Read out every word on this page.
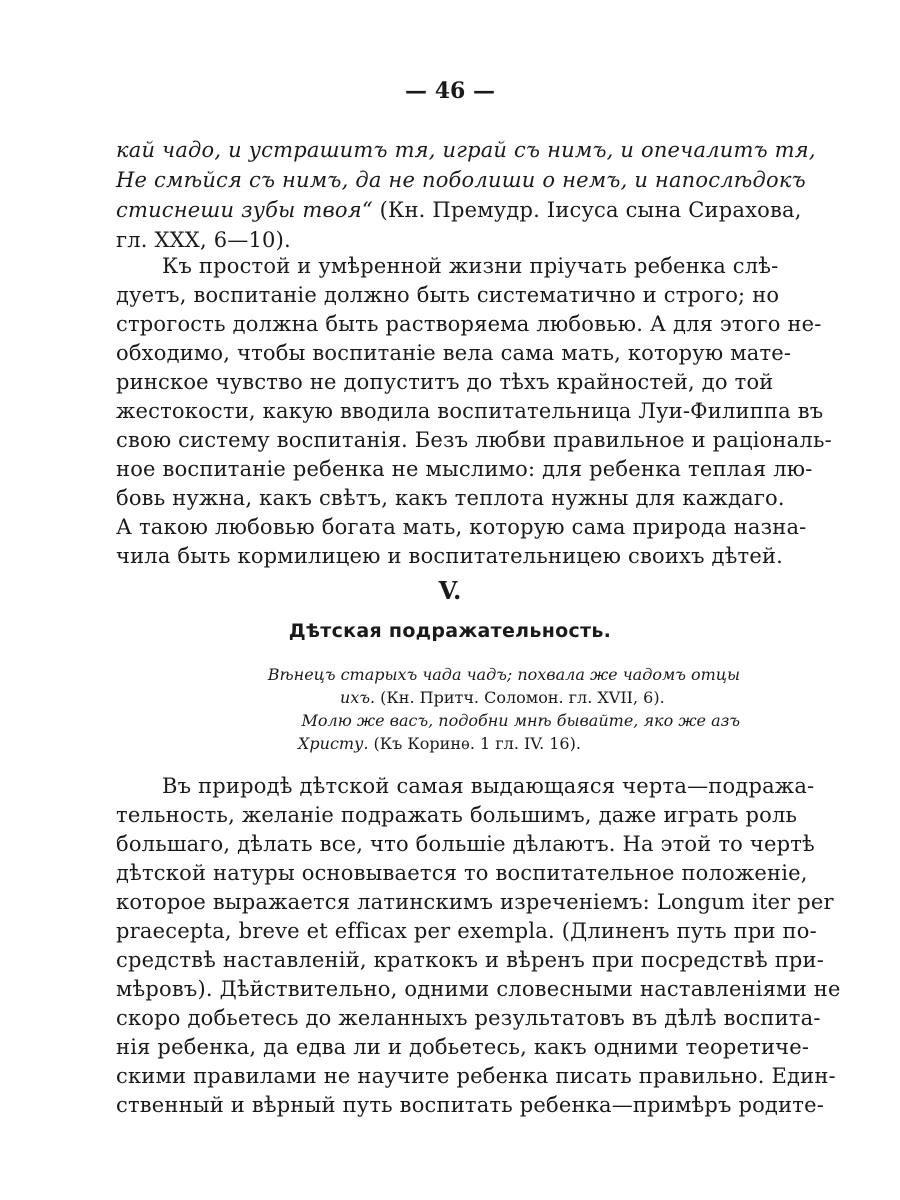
— 46 —
кай чадо, и устрашитъ тя, играй съ нимъ, и опечалитъ тя,
Не смѣйся съ нимъ, да не поболиши о немъ, и напослѣдокъ
стиснеши зубы твоя“ (Кн. Премудр. Іисуса сына Сирахова,
гл. XXX, 6—10).
Къ простой и умѣренной жизни пріучать ребенка слѣ-
дуетъ, воспитаніе должно быть систематично и строго; но
строгость должна быть растворяема любовью. А для этого не-
обходимо, чтобы воспитаніе вела сама мать, которую мате-
ринское чувство не допуститъ до тѣхъ крайностей, до той
жестокости, какую вводила воспитательница Луи-Филиппа въ
свою систему воспитанія. Безъ любви правильное и раціональ-
ное воспитаніе ребенка не мыслимо: для ребенка теплая лю-
бовь нужна, какъ свѣтъ, какъ теплота нужны для каждаго.
А такою любовью богата мать, которую сама природа назна-
чила быть кормилицею и воспитательницею своихъ дѣтей.
V.
Дѣтская подражательность.
Вѣнецъ старыхъ чада чадъ; похвала же чадомъ отцы
ихъ. (Кн. Притч. Соломон. гл. XVII, 6).
Молю же васъ, подобни мнѣ бывайте, яко же азъ
Христу. (Къ Коринѳ. 1 гл. IV. 16).
Въ природѣ дѣтской самая выдающаяся черта—подража-
тельность, желаніе подражать большимъ, даже играть роль
большаго, дѣлать все, что большіе дѣлаютъ. На этой то чертѣ
дѣтской натуры основывается то воспитательное положеніе,
которое выражается латинскимъ изреченіемъ: Longum iter per
praecepta, breve et efficax per exempla. (Длиненъ путь при по-
средствѣ наставленій, краткокъ и вѣренъ при посредствѣ при-
мѣровъ). Дѣйствительно, одними словесными наставленіями не
скоро добьетесь до желанныхъ результатовъ въ дѣлѣ воспита-
нія ребенка, да едва ли и добьетесь, какъ одними теоретиче-
скими правилами не научите ребенка писать правильно. Един-
ственный и вѣрный путь воспитать ребенка—примѣръ родите-
